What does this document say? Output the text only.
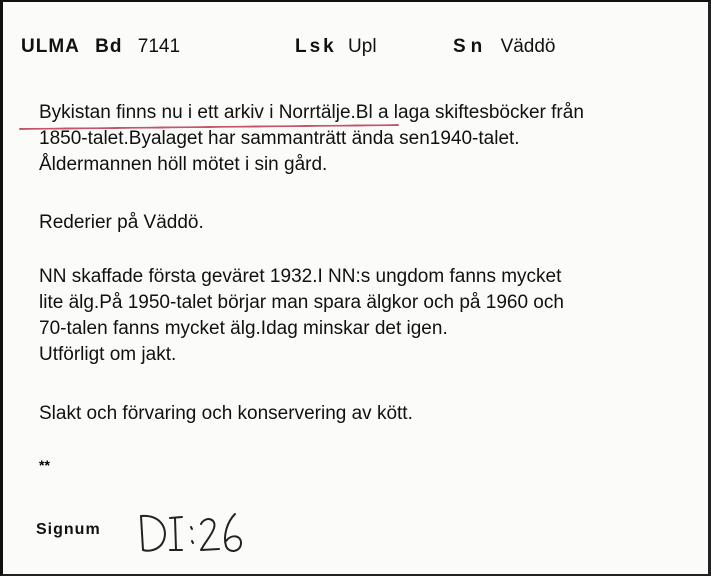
ULMA Bd 7141	Lsk Upl	Sn Väddö
Bykistan finns nu i ett arkiv i Norrtälje.Bl a laga skiftesböcker från
1850-talet.Byalaget har sammanträtt ända sen1940-talet.
Åldermannen höll mötet i sin gård.
Rederier på Väddö.
NN skaffade första geväret 1932.I NN:s ungdom fanns mycket
lite älg.På 1950-talet börjar man spara älgkor och på 1960 och
70-talen fanns mycket älg.Idag minskar det igen.
Utförligt om jakt.
Slakt och förvaring och konservering av kött.
**
Signum
